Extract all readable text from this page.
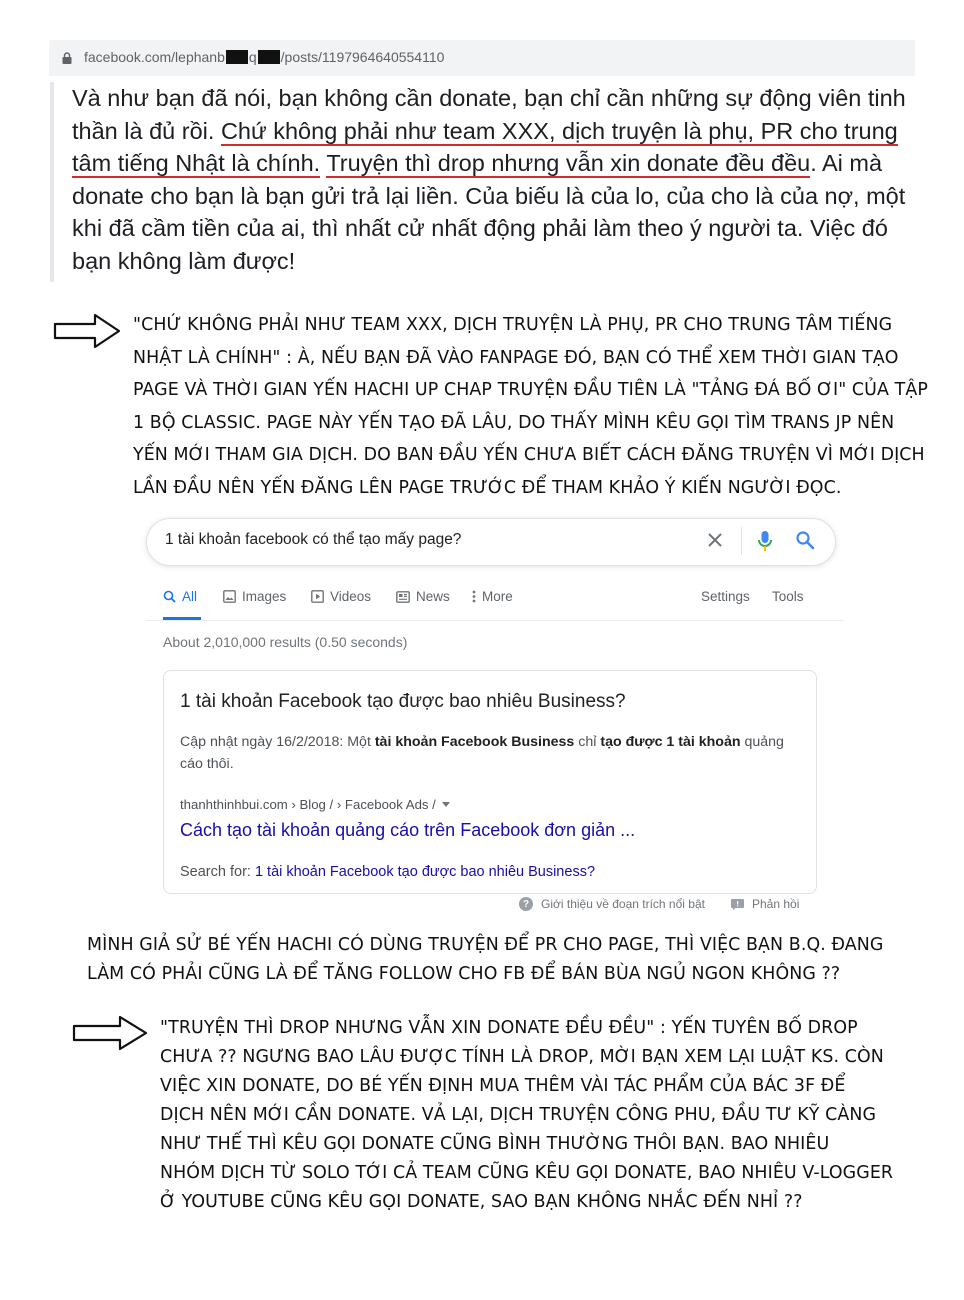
facebook.com/lephanb q /posts/1197964640554110
Và như bạn đã nói, bạn không cần donate, bạn chỉ cần những sự động viên tinh thần là đủ rồi. Chứ không phải như team XXX, dịch truyện là phụ, PR cho trung tâm tiếng Nhật là chính. Truyện thì drop nhưng vẫn xin donate đều đều. Ai mà donate cho bạn là bạn gửi trả lại liền. Của biếu là của lo, của cho là của nợ, một khi đã cầm tiền của ai, thì nhất cử nhất động phải làm theo ý người ta. Việc đó bạn không làm được!
"CHỨ KHÔNG PHẢI NHƯ TEAM XXX, DỊCH TRUYỆN LÀ PHỤ, PR CHO TRUNG TÂM TIẾNG
NHẬT LÀ CHÍNH" : À, NẾU BẠN ĐÃ VÀO FANPAGE ĐÓ, BẠN CÓ THỂ XEM THỜI GIAN TẠO
PAGE VÀ THỜI GIAN YẾN HACHI UP CHAP TRUYỆN ĐẦU TIÊN LÀ "TẢNG ĐÁ BỐ ƠI" CỦA TẬP
1 BỘ CLASSIC. PAGE NÀY YẾN TẠO ĐÃ LÂU, DO THẤY MÌNH KÊU GỌI TÌM TRANS JP NÊN
YẾN MỚI THAM GIA DỊCH. DO BAN ĐẦU YẾN CHƯA BIẾT CÁCH ĐĂNG TRUYỆN VÌ MỚI DỊCH
LẦN ĐẦU NÊN YẾN ĐĂNG LÊN PAGE TRƯỚC ĐỂ THAM KHẢO Ý KIẾN NGƯỜI ĐỌC.
1 tài khoản facebook có thể tạo mấy page?
All	Images	Videos	News More	Settings Tools
About 2,010,000 results (0.50 seconds)
1 tài khoản Facebook tạo được bao nhiêu Business?
Cập nhật ngày 16/2/2018: Một tài khoản Facebook Business chỉ tạo được 1 tài khoản quảng cáo thôi.
thanhthinhbui.com › Blog / › Facebook Ads /
Cách tạo tài khoản quảng cáo trên Facebook đơn giản ...
Search for: 1 tài khoản Facebook tạo được bao nhiêu Business?
? Giới thiệu về đoạn trích nổi bật	Phản hồi
MÌNH GIẢ SỬ BÉ YẾN HACHI CÓ DÙNG TRUYỆN ĐỂ PR CHO PAGE, THÌ VIỆC BẠN B.Q. ĐANG
LÀM CÓ PHẢI CŨNG LÀ ĐỂ TĂNG FOLLOW CHO FB ĐỂ BÁN BÙA NGỦ NGON KHÔNG ??
"TRUYỆN THÌ DROP NHƯNG VẪN XIN DONATE ĐỀU ĐỀU" : YẾN TUYÊN BỐ DROP
CHƯA ?? NGƯNG BAO LÂU ĐƯỢC TÍNH LÀ DROP, MỜI BẠN XEM LẠI LUẬT KS. CÒN
VIỆC XIN DONATE, DO BÉ YẾN ĐỊNH MUA THÊM VÀI TÁC PHẨM CỦA BÁC 3F ĐỂ
DỊCH NÊN MỚI CẦN DONATE. VẢ LẠI, DỊCH TRUYỆN CÔNG PHU, ĐẦU TƯ KỸ CÀNG
NHƯ THẾ THÌ KÊU GỌI DONATE CŨNG BÌNH THƯỜNG THÔI BẠN. BAO NHIÊU
NHÓM DỊCH TỪ SOLO TỚI CẢ TEAM CŨNG KÊU GỌI DONATE, BAO NHIÊU V-LOGGER
Ở YOUTUBE CŨNG KÊU GỌI DONATE, SAO BẠN KHÔNG NHẮC ĐẾN NHỈ ??
